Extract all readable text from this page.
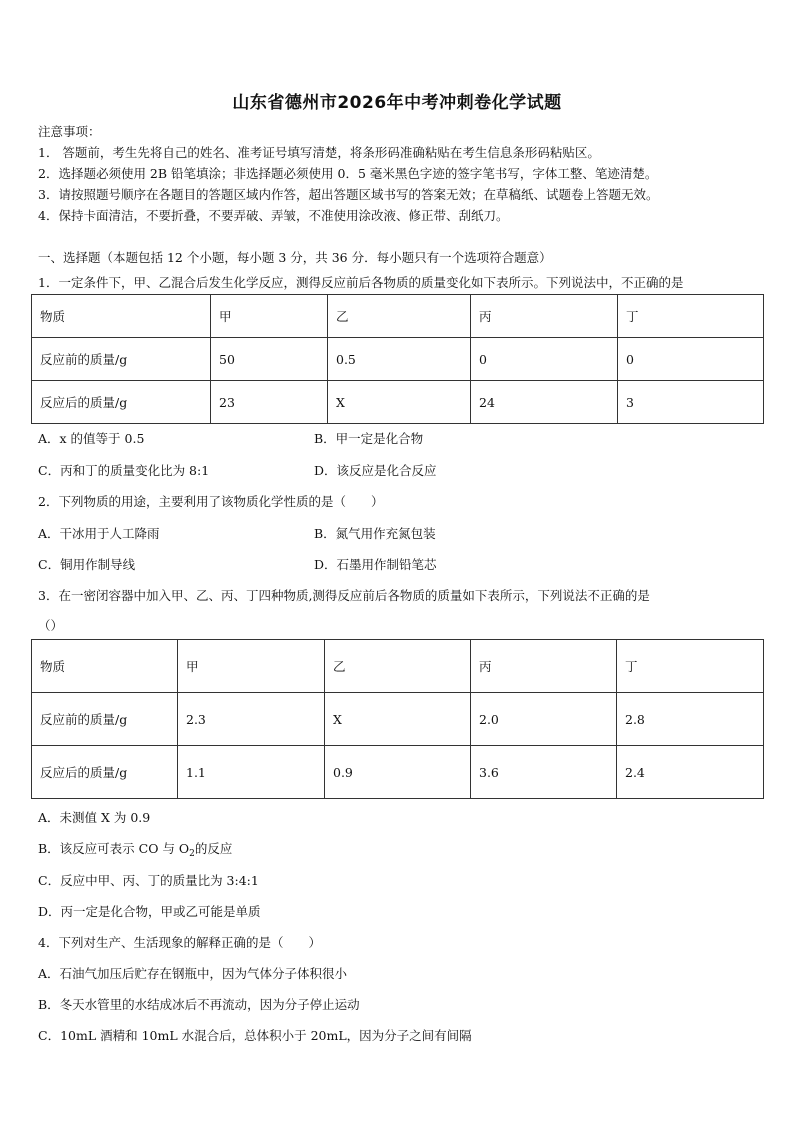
山东省德州市2026年中考冲刺卷化学试题
注意事项：
1． 答题前，考生先将自己的姓名、准考证号填写清楚，将条形码准确粘贴在考生信息条形码粘贴区。
2．选择题必须使用 2B 铅笔填涂；非选择题必须使用 0．5 毫米黑色字迹的签字笔书写，字体工整、笔迹清楚。
3．请按照题号顺序在各题目的答题区域内作答，超出答题区域书写的答案无效；在草稿纸、试题卷上答题无效。
4．保持卡面清洁，不要折叠，不要弄破、弄皱，不准使用涂改液、修正带、刮纸刀。
一、选择题（本题包括 12 个小题，每小题 3 分，共 36 分．每小题只有一个选项符合题意）
1．一定条件下，甲、乙混合后发生化学反应，测得反应前后各物质的质量变化如下表所示。下列说法中，不正确的是
物质	甲	乙	丙	丁
反应前的质量/g	50	0.5	0	0
反应后的质量/g	23	X	24	3
A．x 的值等于 0.5	B．甲一定是化合物
C．丙和丁的质量变化比为 8:1	D．该反应是化合反应
2．下列物质的用途，主要利用了该物质化学性质的是（　　）
A．干冰用于人工降雨	B．氮气用作充氮包装
C．铜用作制导线	D．石墨用作制铅笔芯
3．在一密闭容器中加入甲、乙、丙、丁四种物质,测得反应前后各物质的质量如下表所示，下列说法不正确的是
（）
物质	甲	乙	丙	丁
反应前的质量/g	2.3	X	2.0	2.8
反应后的质量/g	1.1	0.9	3.6	2.4
A．未测值 X 为 0.9
B．该反应可表示 CO 与 $O_2$的反应
C．反应中甲、丙、丁的质量比为 3:4:1
D．丙一定是化合物，甲或乙可能是单质
4．下列对生产、生活现象的解释正确的是（　　）
A．石油气加压后贮存在钢瓶中，因为气体分子体积很小
B．冬天水管里的水结成冰后不再流动，因为分子停止运动
C．10mL 酒精和 10mL 水混合后，总体积小于 20mL，因为分子之间有间隔
